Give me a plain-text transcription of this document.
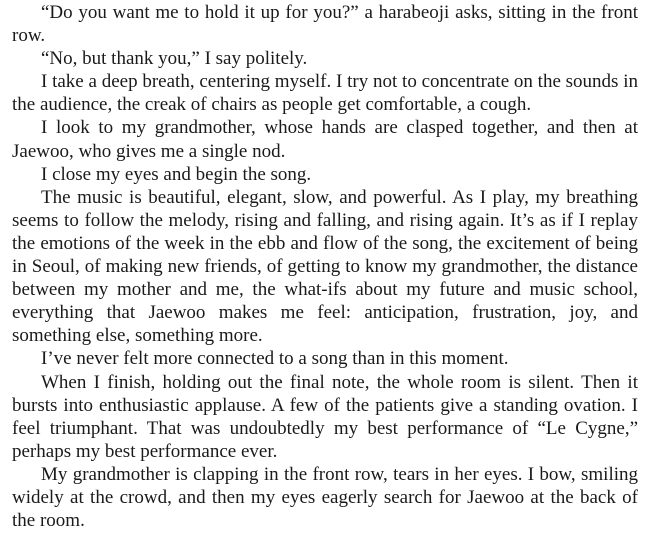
“Do you want me to hold it up for you?” a harabeoji asks, sitting in the front row.

“No, but thank you,” I say politely.

I take a deep breath, centering myself. I try not to concentrate on the sounds in the audience, the creak of chairs as people get comfortable, a cough.

I look to my grandmother, whose hands are clasped together, and then at Jaewoo, who gives me a single nod.

I close my eyes and begin the song.

The music is beautiful, elegant, slow, and powerful. As I play, my breathing seems to follow the melody, rising and falling, and rising again. It’s as if I replay the emotions of the week in the ebb and flow of the song, the excitement of being in Seoul, of making new friends, of getting to know my grandmother, the distance between my mother and me, the what-ifs about my future and music school, everything that Jaewoo makes me feel: anticipation, frustration, joy, and something else, something more.

I’ve never felt more connected to a song than in this moment.

When I finish, holding out the final note, the whole room is silent. Then it bursts into enthusiastic applause. A few of the patients give a standing ovation. I feel triumphant. That was undoubtedly my best performance of “Le Cygne,” perhaps my best performance ever.

My grandmother is clapping in the front row, tears in her eyes. I bow, smiling widely at the crowd, and then my eyes eagerly search for Jaewoo at the back of the room.
